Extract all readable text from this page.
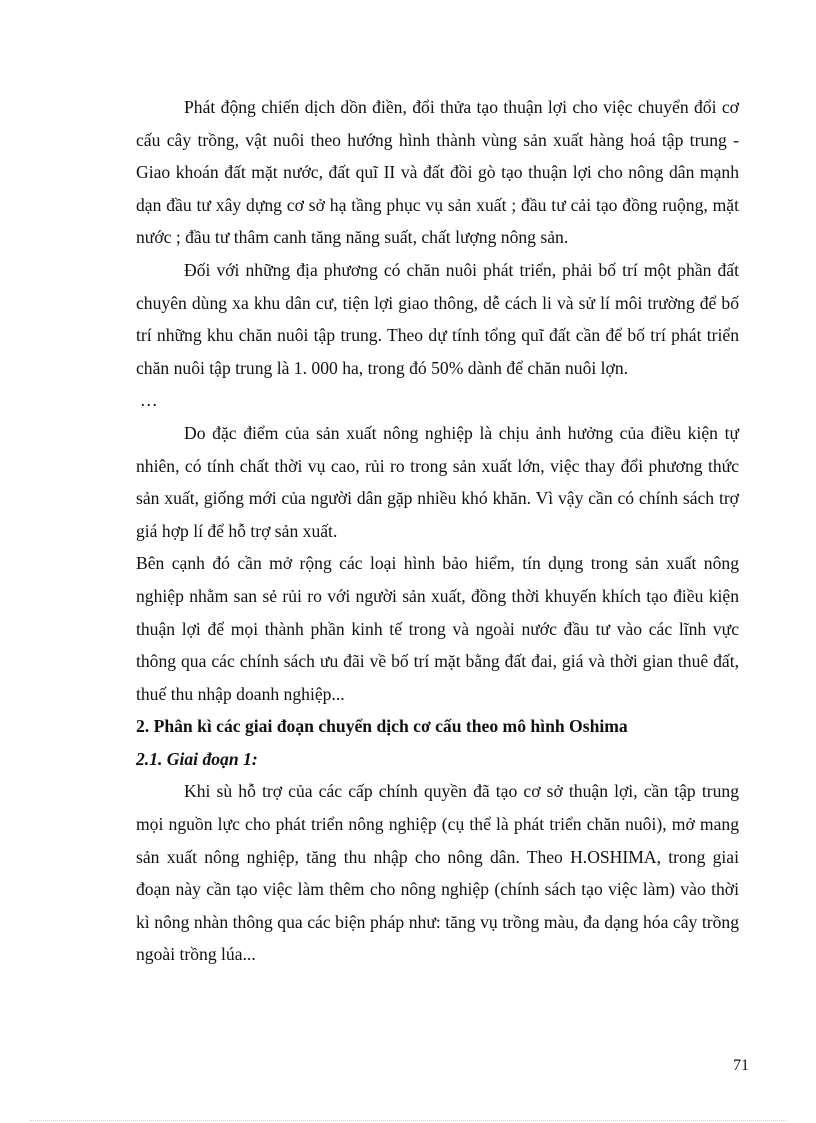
Phát động chiến dịch dồn điền, đổi thửa tạo thuận lợi cho việc chuyển đổi cơ cấu cây trồng, vật nuôi theo hướng hình thành vùng sản xuất hàng hoá tập trung - Giao khoán đất mặt nước, đất quĩ II và đất đồi gò tạo thuận lợi cho nông dân mạnh dạn đầu tư xây dựng cơ sở hạ tầng phục vụ sản xuất ; đầu tư cải tạo đồng ruộng, mặt nước ; đầu tư thâm canh tăng năng suất, chất lượng nông sản.

Đối với những địa phương có chăn nuôi phát triển, phải bố trí một phần đất chuyên dùng xa khu dân cư, tiện lợi giao thông, dễ cách li và sử lí môi trường để bố trí những khu chăn nuôi tập trung. Theo dự tính tổng quĩ đất cần để bố trí phát triển chăn nuôi tập trung là 1. 000 ha, trong đó 50% dành để chăn nuôi lợn.

…

Do đặc điểm của sản xuất nông nghiệp là chịu ảnh hưởng của điều kiện tự nhiên, có tính chất thời vụ cao, rủi ro trong sản xuất lớn, việc thay đổi phương thức sản xuất, giống mới của người dân gặp nhiều khó khăn. Vì vậy cần có chính sách trợ giá hợp lí để hỗ trợ sản xuất.

Bên cạnh đó cần mở rộng các loại hình bảo hiểm, tín dụng trong sản xuất nông nghiệp nhằm san sẻ rủi ro với người sản xuất, đồng thời khuyến khích tạo điều kiện thuận lợi để mọi thành phần kinh tế trong và ngoài nước đầu tư vào các lĩnh vực thông qua các chính sách ưu đãi về bố trí mặt bằng đất đai, giá và thời gian thuê đất, thuế thu nhập doanh nghiệp...

2. Phân kì các giai đoạn chuyển dịch cơ cấu theo mô hình Oshima

2.1. Giai đoạn 1:

Khi sù hỗ trợ của các cấp chính quyền đã tạo cơ sở thuận lợi, cần tập trung mọi nguồn lực cho phát triển nông nghiệp (cụ thể là phát triển chăn nuôi), mở mang sản xuất nông nghiệp, tăng thu nhập cho nông dân. Theo H.OSHIMA, trong giai đoạn này cần tạo việc làm thêm cho nông nghiệp (chính sách tạo việc làm) vào thời kì nông nhàn thông qua các biện pháp như: tăng vụ trồng màu, đa dạng hóa cây trồng ngoài trồng lúa...

71
